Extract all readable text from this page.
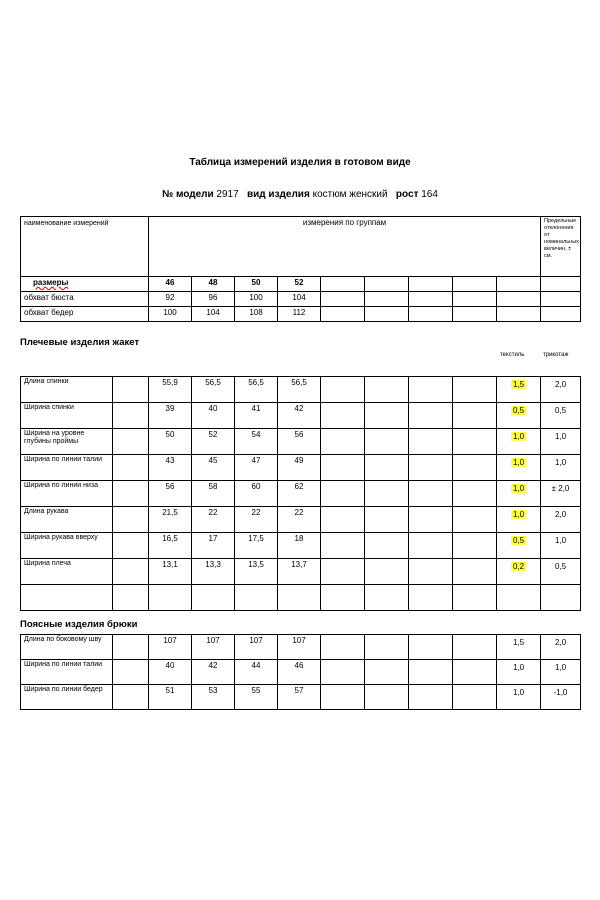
Таблица измерений изделия в готовом виде
№ модели 2917 вид изделия костюм женский рост 164
наименование измерений	измерения по группам									Предельные отклонения от номинальных величин, ± см.
размеры	46	48	50	52						
обхват бюста	92	96	100	104						
обхват бедер	100	104	108	112						
Плечевые изделия жакет
текстиль	трикотаж
Длина спинки		55,9	56,5	56,5	56,5					1,5	2,0
Ширина спинки		39	40	41	42					0,5	0,5
Ширина на уровне глубины проймы		50	52	54	56					1,0	1,0
Ширина по линии талии		43	45	47	49					1,0	1,0
Ширина по линии низа		56	58	60	62					1,0	± 2,0
Длина рукава		21,5	22	22	22					1,0	2,0
Ширина рукава вверху		16,5	17	17,5	18					0,5	1,0
Ширина плеча		13,1	13,3	13,5	13,7					0,2	0,5

Поясные изделия брюки
Длина по боковому шву		107	107	107	107					1,5	2,0
Ширина по линии талии		40	42	44	46					1,0	1,0
Ширина по линии бедер		51	53	55	57					1,0	-1,0
